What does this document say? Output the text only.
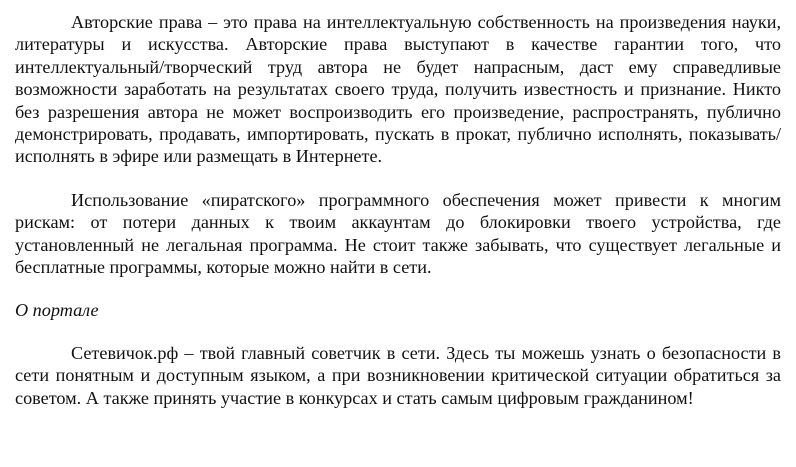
Авторские права – это права на интеллектуальную собственность на произведения науки, литературы и искусства. Авторские права выступают в качестве гарантии того, что интеллектуальный/творческий труд автора не будет напрасным, даст ему справедливые возможности заработать на результатах своего труда, получить известность и признание. Никто без разрешения автора не может воспроизводить его произведение, распространять, публично демонстрировать, продавать, импортировать, пускать в прокат, публично исполнять, показывать/исполнять в эфире или размещать в Интернете.

Использование «пиратского» программного обеспечения может привести к многим рискам: от потери данных к твоим аккаунтам до блокировки твоего устройства, где установленный не легальная программа. Не стоит также забывать, что существует легальные и бесплатные программы, которые можно найти в сети.

О портале

Сетевичок.рф – твой главный советчик в сети. Здесь ты можешь узнать о безопасности в сети понятным и доступным языком, а при возникновении критической ситуации обратиться за советом. А также принять участие в конкурсах и стать самым цифровым гражданином!
